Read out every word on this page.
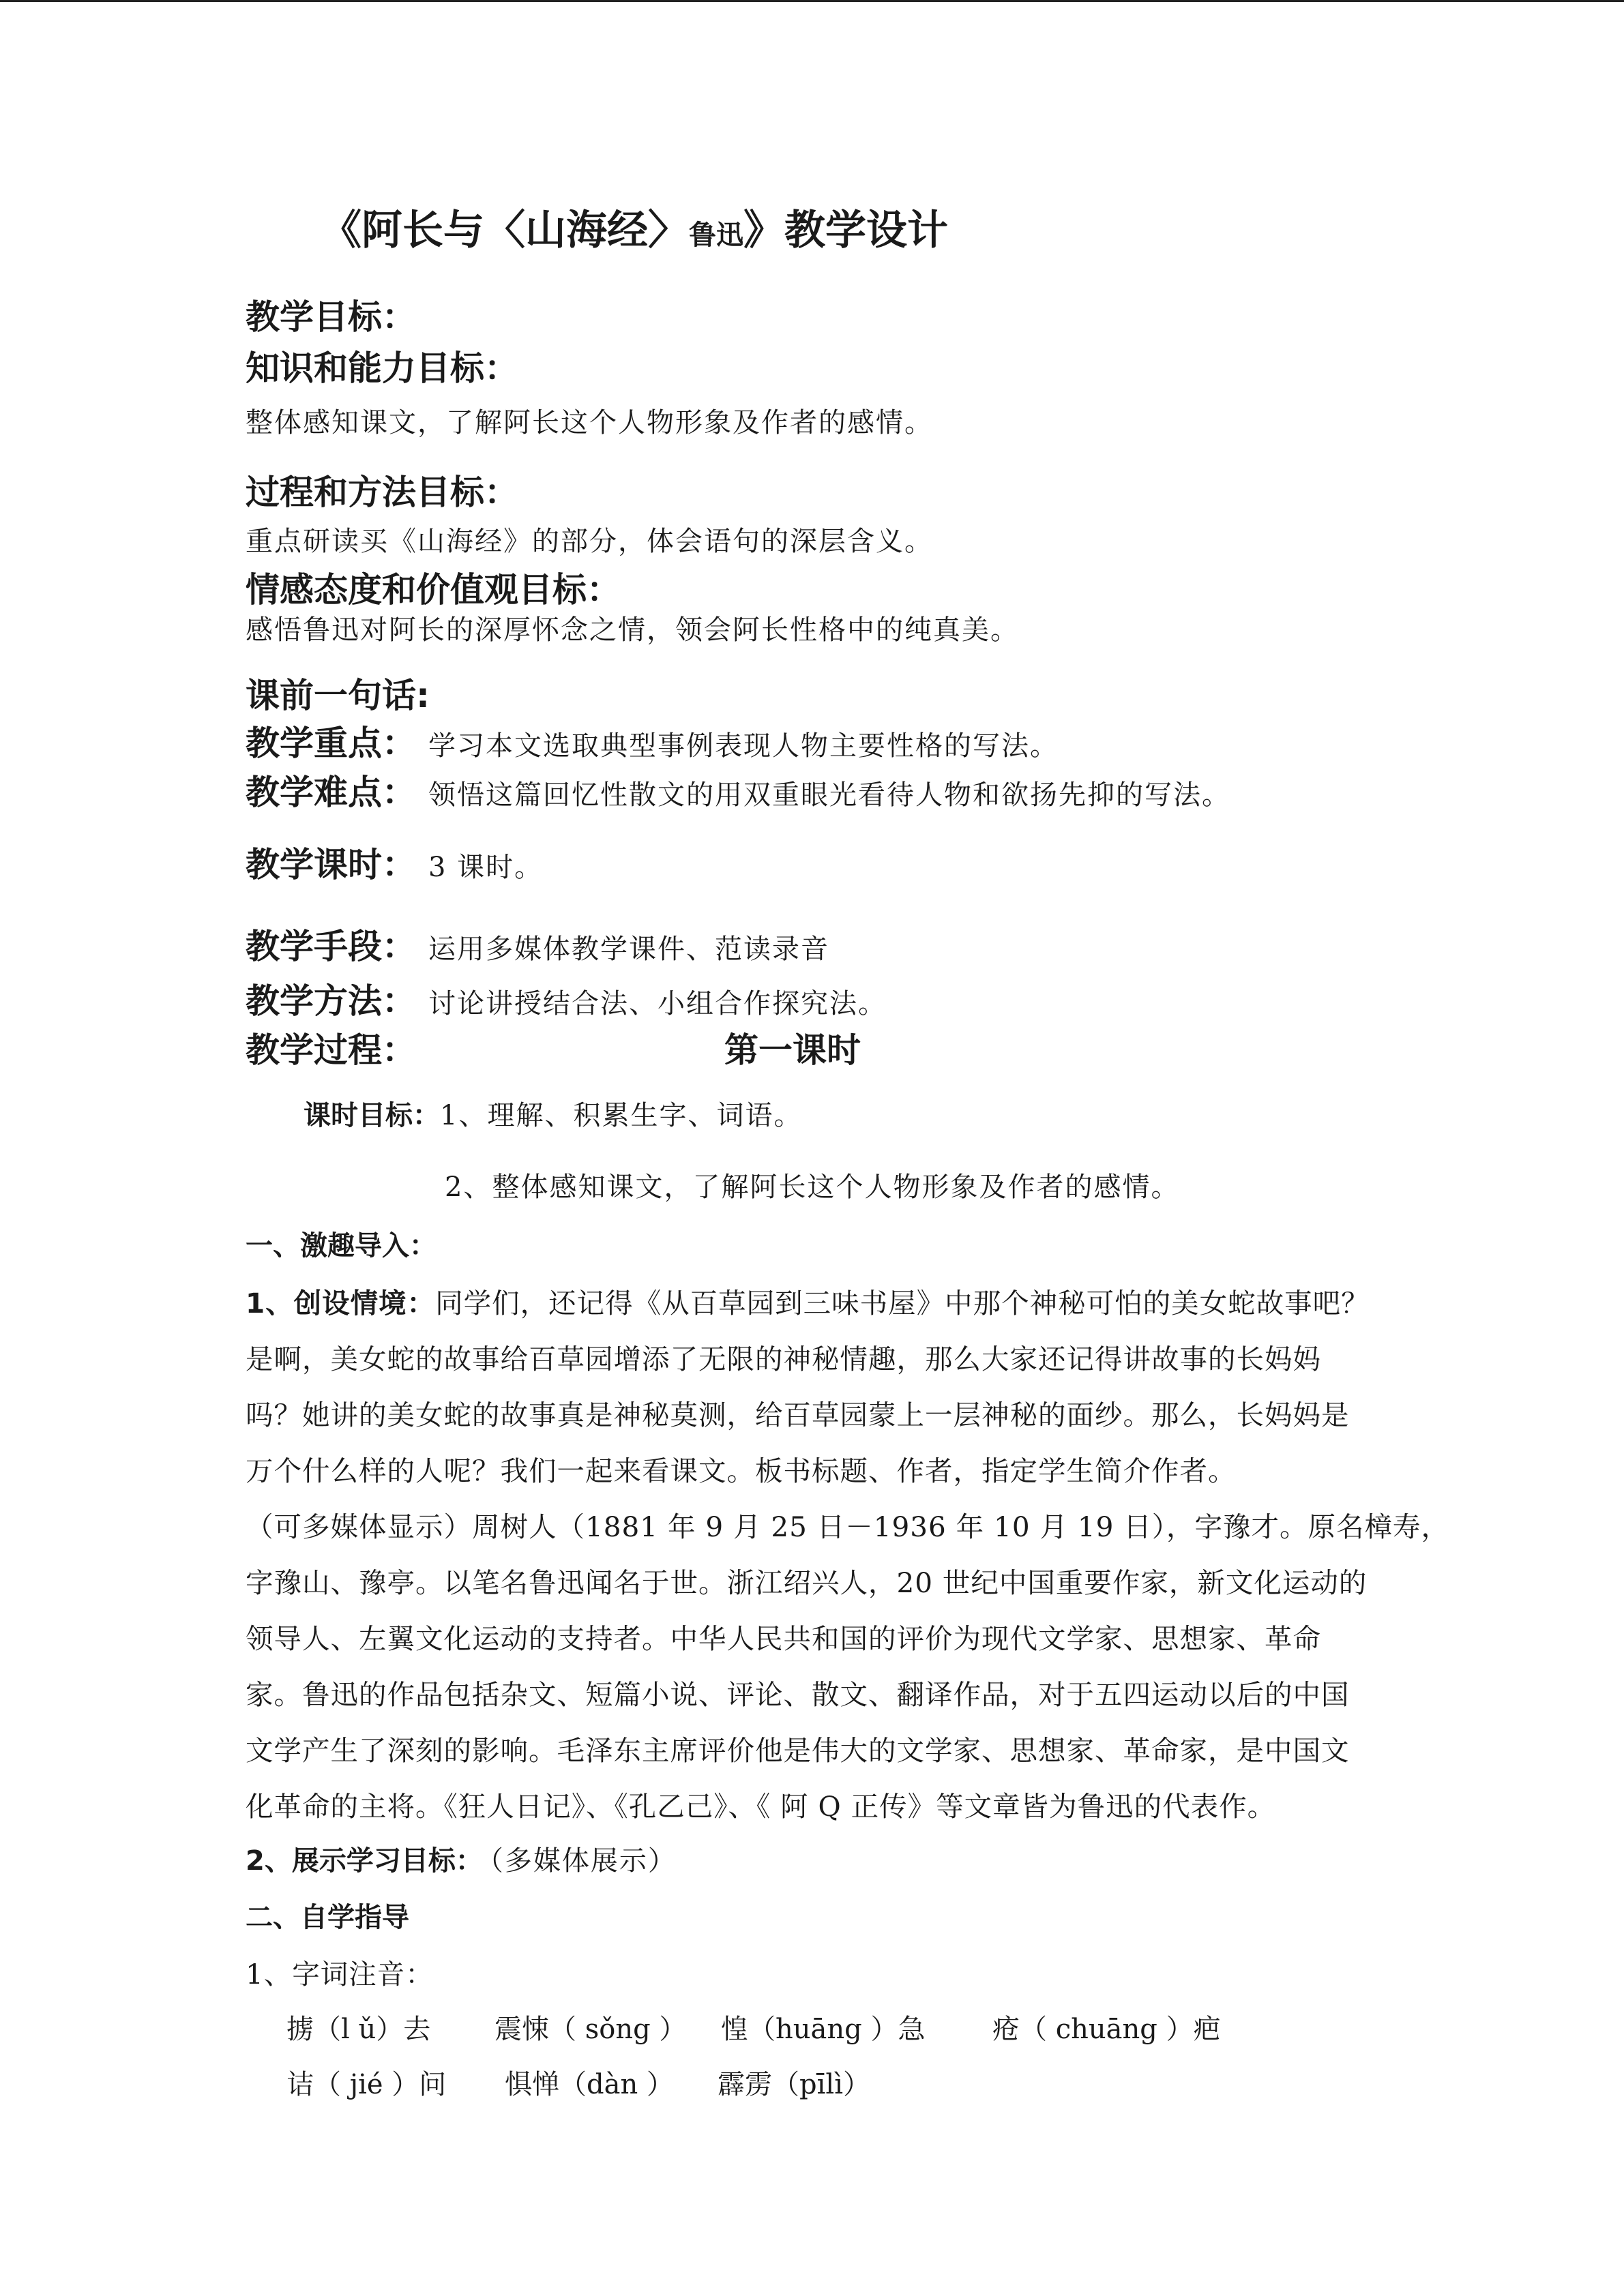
《阿长与〈山海经〉鲁迅》教学设计
教学目标：
知识和能力目标：
整体感知课文，了解阿长这个人物形象及作者的感情。
过程和方法目标：
重点研读买《山海经》的部分，体会语句的深层含义。
情感态度和价值观目标：
感悟鲁迅对阿长的深厚怀念之情，领会阿长性格中的纯真美。
课前一句话:
教学重点： 学习本文选取典型事例表现人物主要性格的写法。
教学难点： 领悟这篇回忆性散文的用双重眼光看待人物和欲扬先抑的写法。
教学课时： 3 课时。
教学手段： 运用多媒体教学课件、范读录音
教学方法： 讨论讲授结合法、小组合作探究法。
教学过程：	第一课时
课时目标：1、理解、积累生字、词语。
2、整体感知课文，了解阿长这个人物形象及作者的感情。
一、激趣导入：
1、创设情境：同学们，还记得《从百草园到三味书屋》中那个神秘可怕的美女蛇故事吧？
是啊，美女蛇的故事给百草园增添了无限的神秘情趣，那么大家还记得讲故事的长妈妈
吗？她讲的美女蛇的故事真是神秘莫测，给百草园蒙上一层神秘的面纱。那么，长妈妈是
万个什么样的人呢？我们一起来看课文。板书标题、作者，指定学生简介作者。
（可多媒体显示）周树人（1881 年 9 月 25 日－1936 年 10 月 19 日），字豫才。原名樟寿，
字豫山、豫亭。以笔名鲁迅闻名于世。浙江绍兴人，20 世纪中国重要作家，新文化运动的
领导人、左翼文化运动的支持者。中华人民共和国的评价为现代文学家、思想家、革命
家。鲁迅的作品包括杂文、短篇小说、评论、散文、翻译作品，对于五四运动以后的中国
文学产生了深刻的影响。毛泽东主席评价他是伟大的文学家、思想家、革命家，是中国文
化革命的主将。《狂人日记》、《孔乙己》、《 阿 Q 正传》等文章皆为鲁迅的代表作。
2、展示学习目标： （多媒体展示）
二、自学指导
1、字词注音：
掳（l ǔ）去 震悚（ sǒng ） 惶（huāng ）急 疮（ chuāng ）疤
诘（ jié ）问 惧惮（dàn ） 霹雳（pīlì）
